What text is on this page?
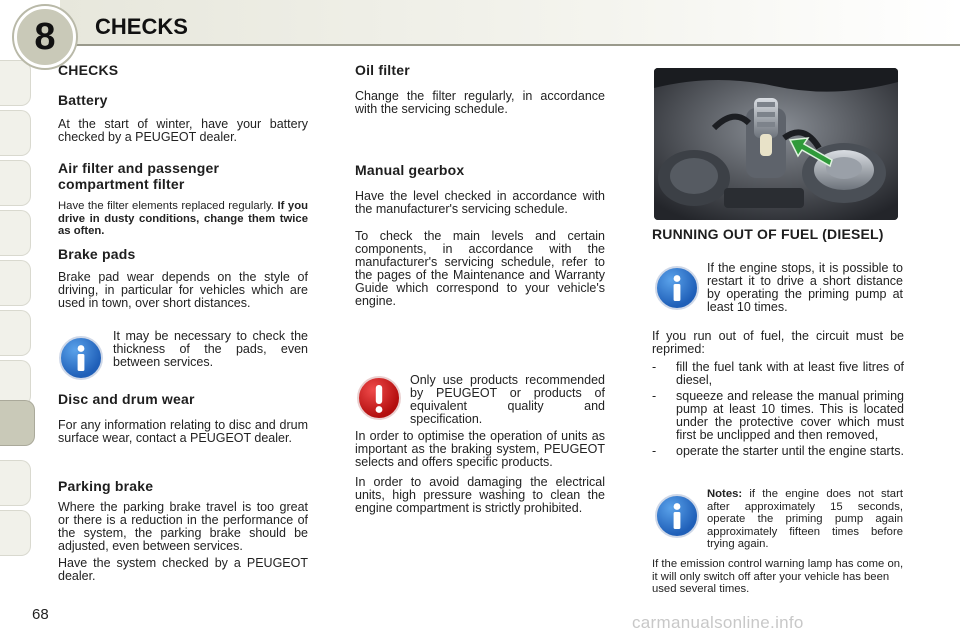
8 CHECKS
68
CHECKS
Battery

At the start of winter, have your battery checked by a PEUGEOT dealer.

Air filter and passenger compartment filter

Have the filter elements replaced regularly. If you drive in dusty conditions, change them twice as often.

Brake pads

Brake pad wear depends on the style of driving, in particular for vehicles which are used in town, over short distances.

It may be necessary to check the thickness of the pads, even between services.

Disc and drum wear

For any information relating to disc and drum surface wear, contact a PEUGEOT dealer.

Parking brake

Where the parking brake travel is too great or there is a reduction in the performance of the system, the parking brake should be adjusted, even between services.

Have the system checked by a PEUGEOT dealer.

Oil filter

Change the filter regularly, in accordance with the servicing schedule.

Manual gearbox

Have the level checked in accordance with the manufacturer's servicing schedule.

To check the main levels and certain components, in accordance with the manufacturer's servicing schedule, refer to the pages of the Maintenance and Warranty Guide which correspond to your vehicle's engine.

Only use products recommended by PEUGEOT or products of equivalent quality and specification.

In order to optimise the operation of units as important as the braking system, PEUGEOT selects and offers specific products.

In order to avoid damaging the electrical units, high pressure washing to clean the engine compartment is strictly prohibited.

RUNNING OUT OF FUEL (DIESEL)

If the engine stops, it is possible to restart it to drive a short distance by operating the priming pump at least 10 times.

If you run out of fuel, the circuit must be reprimed:

- fill the fuel tank with at least five litres of diesel,
- squeeze and release the manual priming pump at least 10 times. This is located under the protective cover which must first be unclipped and then removed,
- operate the starter until the engine starts.

Notes: if the engine does not start after approximately 15 seconds, operate the priming pump again approximately fifteen times before trying again.

If the emission control warning lamp has come on, it will only switch off after your vehicle has been used several times.

carmanualsonline.info
